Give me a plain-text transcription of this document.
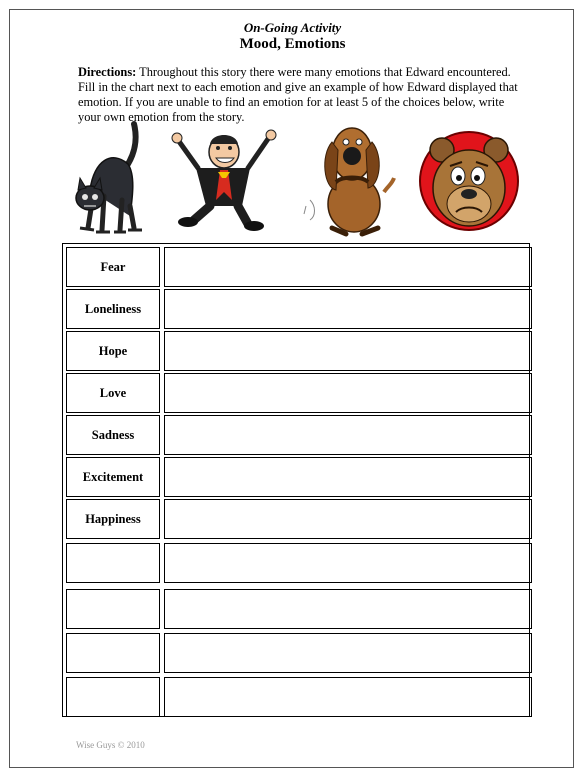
On-Going Activity
Mood, Emotions
Directions: Throughout this story there were many emotions that Edward encountered. Fill in the chart next to each emotion and give an example of how Edward displayed that emotion. If you are unable to find an emotion for at least 5 of the choices below, write your own emotion from the story.
Fear
Loneliness
Hope
Love
Sadness
Excitement
Happiness
Wise Guys © 2010
